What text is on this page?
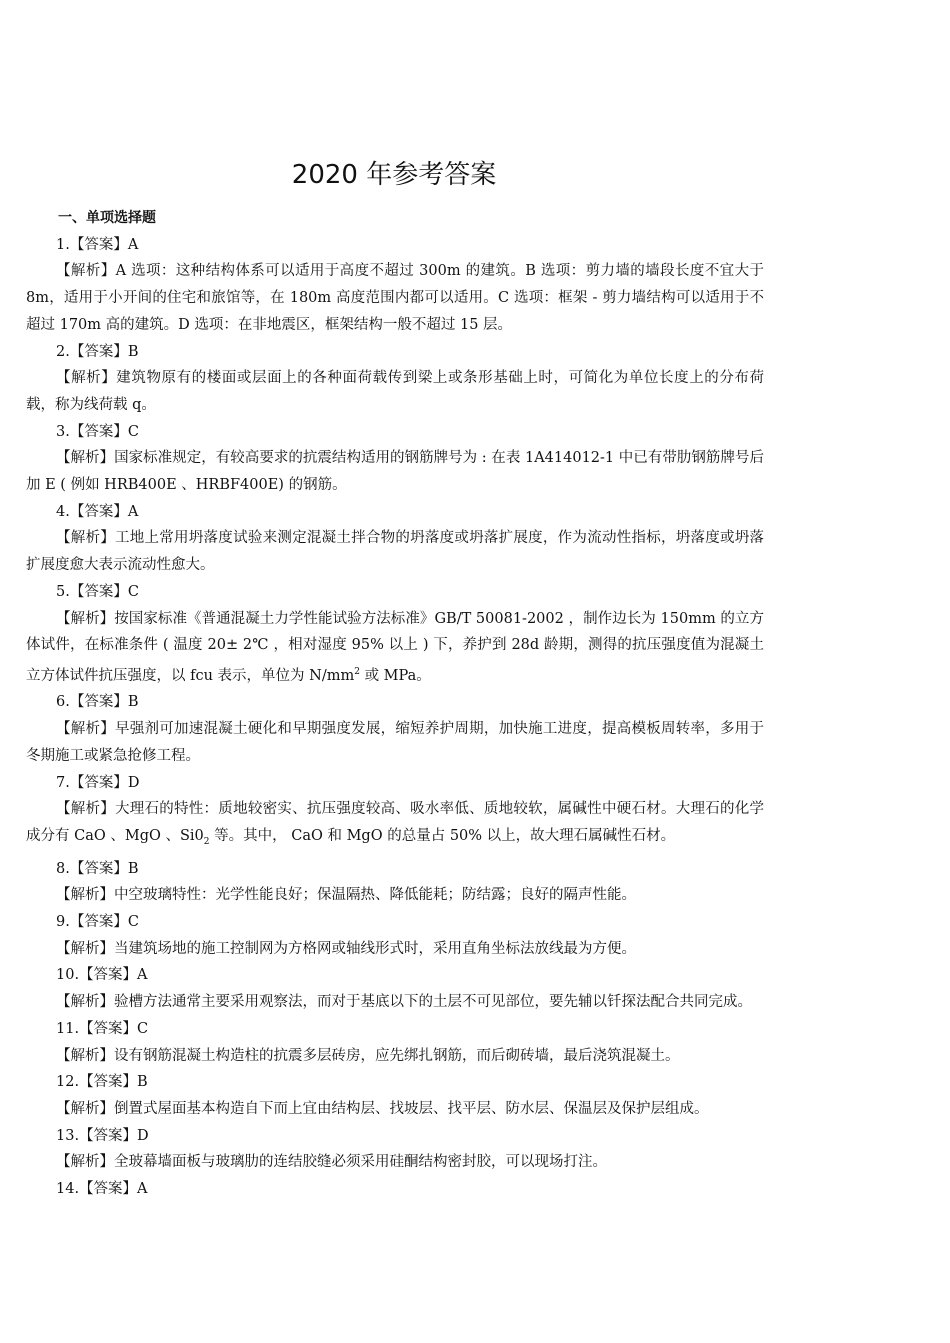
2020 年参考答案

一、单项选择题

1.【答案】A

【解析】A 选项：这种结构体系可以适用于高度不超过 300m 的建筑。B 选项：剪力墙的墙段长度不宜大于 8m，适用于小开间的住宅和旅馆等，在 180m 高度范围内都可以适用。C 选项：框架 - 剪力墙结构可以适用于不超过 170m 高的建筑。D 选项：在非地震区，框架结构一般不超过 15 层。

2.【答案】B

【解析】建筑物原有的楼面或层面上的各种面荷载传到梁上或条形基础上时，可简化为单位长度上的分布荷载，称为线荷载 q。

3.【答案】C

【解析】国家标准规定，有较高要求的抗震结构适用的钢筋牌号为 : 在表 1A414012-1 中已有带肋钢筋牌号后加 E ( 例如 HRB400E 、HRBF400E) 的钢筋。

4.【答案】A

【解析】工地上常用坍落度试验来测定混凝土拌合物的坍落度或坍落扩展度，作为流动性指标，坍落度或坍落扩展度愈大表示流动性愈大。

5.【答案】C

【解析】按国家标准《普通混凝土力学性能试验方法标准》GB/T 50081-2002 ，制作边长为 150mm 的立方体试件，在标准条件 ( 温度 20± 2℃ ，相对湿度 95% 以上 ) 下，养护到 28d 龄期，测得的抗压强度值为混凝土立方体试件抗压强度，以 fcu 表示，单位为 $N/mm^2$ 或 MPa。

6.【答案】B

【解析】早强剂可加速混凝土硬化和早期强度发展，缩短养护周期，加快施工进度，提高模板周转率，多用于冬期施工或紧急抢修工程。

7.【答案】D

【解析】大理石的特性：质地较密实、抗压强度较高、吸水率低、质地较软，属碱性中硬石材。大理石的化学成分有 CaO 、MgO 、$Si0_2$ 等。其中， CaO 和 MgO 的总量占 50% 以上，故大理石属碱性石材。

8.【答案】B

【解析】中空玻璃特性：光学性能良好；保温隔热、降低能耗；防结露；良好的隔声性能。

9.【答案】C

【解析】当建筑场地的施工控制网为方格网或轴线形式时，采用直角坐标法放线最为方便。

10.【答案】A

【解析】验槽方法通常主要采用观察法，而对于基底以下的土层不可见部位，要先辅以钎探法配合共同完成。

11.【答案】C

【解析】设有钢筋混凝土构造柱的抗震多层砖房，应先绑扎钢筋，而后砌砖墙，最后浇筑混凝土。

12.【答案】B

【解析】倒置式屋面基本构造自下而上宜由结构层、找坡层、找平层、防水层、保温层及保护层组成。

13.【答案】D

【解析】全玻幕墙面板与玻璃肋的连结胶缝必须采用硅酮结构密封胶，可以现场打注。

14.【答案】A
